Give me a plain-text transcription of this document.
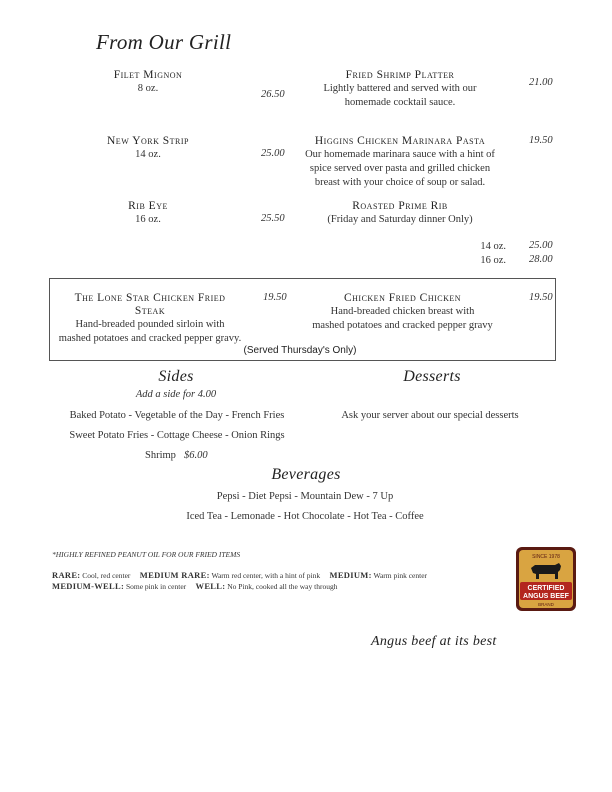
From Our Grill
Filet Mignon
8 oz.
26.50
Fried Shrimp Platter
Lightly battered and served with our
homemade cocktail sauce.
21.00
New York Strip
14 oz.	25.00
Higgins Chicken Marinara Pasta
Our homemade marinara sauce with a hint of
spice served over pasta and grilled chicken
breast with your choice of soup or salad.
19.50
Rib Eye
16 oz.	25.50
Roasted Prime Rib
(Friday and Saturday dinner Only)
14 oz. 25.00
16 oz. 28.00
The Lone Star Chicken Fried
Steak
Hand-breaded pounded sirloin with
mashed potatoes and cracked pepper gravy.
19.50	Chicken Fried Chicken
Hand-breaded chicken breast with
mashed potatoes and cracked pepper gravy
19.50
(Served Thursday's Only)
Sides
Add a side for 4.00
Baked Potato - Vegetable of the Day - French Fries
Sweet Potato Fries - Cottage Cheese - Onion Rings
Shrimp $6.00
Desserts
Ask your server about our special desserts
Beverages
Pepsi - Diet Pepsi - Mountain Dew - 7 Up
Iced Tea - Lemonade - Hot Chocolate - Hot Tea - Coffee
*HIGHLY REFINED PEANUT OIL FOR OUR FRIED ITEMS
RARE: Cool, red center MEDIUM RARE: Warm red center, with a hint of pink MEDIUM: Warm pink center
MEDIUM-WELL: Some pink in center WELL: No Pink, cooked all the way through
SINCE 1978
CERTIFIED
ANGUS BEEF
BRAND
Angus beef at its best
